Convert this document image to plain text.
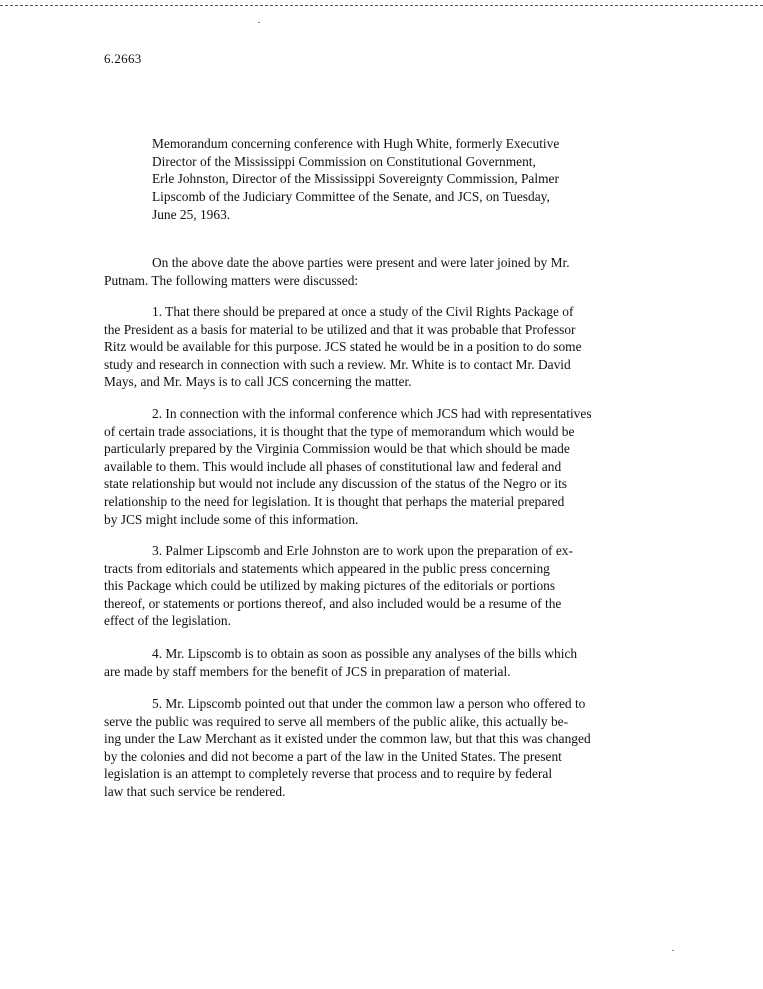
6.2663
Memorandum concerning conference with Hugh White, formerly Executive
Director of the Mississippi Commission on Constitutional Government,
Erle Johnston, Director of the Mississippi Sovereignty Commission, Palmer
Lipscomb of the Judiciary Committee of the Senate, and JCS, on Tuesday,
June 25, 1963.
On the above date the above parties were present and were later joined by Mr.
Putnam. The following matters were discussed:
1. That there should be prepared at once a study of the Civil Rights Package of
the President as a basis for material to be utilized and that it was probable that Professor
Ritz would be available for this purpose. JCS stated he would be in a position to do some
study and research in connection with such a review. Mr. White is to contact Mr. David
Mays, and Mr. Mays is to call JCS concerning the matter.
2. In connection with the informal conference which JCS had with representatives
of certain trade associations, it is thought that the type of memorandum which would be
particularly prepared by the Virginia Commission would be that which should be made
available to them. This would include all phases of constitutional law and federal and
state relationship but would not include any discussion of the status of the Negro or its
relationship to the need for legislation. It is thought that perhaps the material prepared
by JCS might include some of this information.
3. Palmer Lipscomb and Erle Johnston are to work upon the preparation of ex-
tracts from editorials and statements which appeared in the public press concerning
this Package which could be utilized by making pictures of the editorials or portions
thereof, or statements or portions thereof, and also included would be a resume of the
effect of the legislation.
4. Mr. Lipscomb is to obtain as soon as possible any analyses of the bills which
are made by staff members for the benefit of JCS in preparation of material.
5. Mr. Lipscomb pointed out that under the common law a person who offered to
serve the public was required to serve all members of the public alike, this actually be-
ing under the Law Merchant as it existed under the common law, but that this was changed
by the colonies and did not become a part of the law in the United States. The present
legislation is an attempt to completely reverse that process and to require by federal
law that such service be rendered.
